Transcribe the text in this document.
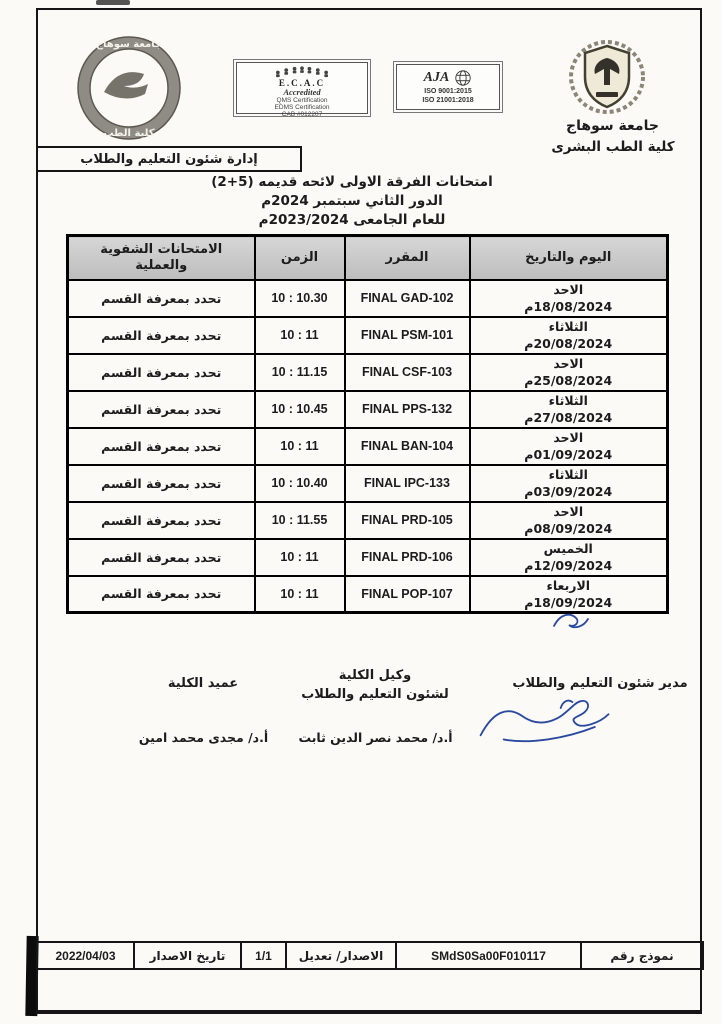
جامعة سوهاج
كلية الطب البشرى
E.C.A.C
Accredited
QMS Certification
EDMS Certification
CAB #012207
AJA
ISO 9001:2015
ISO 21001:2018
جامعة سوهاج
كلية الطب
إدارة شئون التعليم والطلاب
امتحانات الفرقة الاولى لائحه قديمه (5+2)
الدور الثاني سبتمبر 2024م
للعام الجامعى 2023/2024م
اليوم والتاريخ	المقرر	الزمن	الامتحانات الشفوية والعملية

الاحد
18/08/2024م	FINAL GAD-102	10 : 10.30	تحدد بمعرفة القسم

الثلاثاء
20/08/2024م	FINAL PSM-101	10 : 11	تحدد بمعرفة القسم

الاحد
25/08/2024م	FINAL CSF-103	10 : 11.15	تحدد بمعرفة القسم

الثلاثاء
27/08/2024م	FINAL PPS-132	10 : 10.45	تحدد بمعرفة القسم

الاحد
01/09/2024م	FINAL BAN-104	10 : 11	تحدد بمعرفة القسم

الثلاثاء
03/09/2024م	FINAL IPC-133	10 : 10.40	تحدد بمعرفة القسم

الاحد
08/09/2024م	FINAL PRD-105	10 : 11.55	تحدد بمعرفة القسم

الخميس
12/09/2024م	FINAL PRD-106	10 : 11	تحدد بمعرفة القسم

الاربعاء
18/09/2024م	FINAL POP-107	10 : 11	تحدد بمعرفة القسم
مدير شئون التعليم والطلاب
وكيل الكلية
لشئون التعليم والطلاب
أ.د/ محمد نصر الدين ثابت
عميد الكلية
أ.د/ مجدى محمد امين
نموذج رقم	SMdS0Sa00F010117	الاصدار/ تعديل	1/1	تاريخ الاصدار	2022/04/03
